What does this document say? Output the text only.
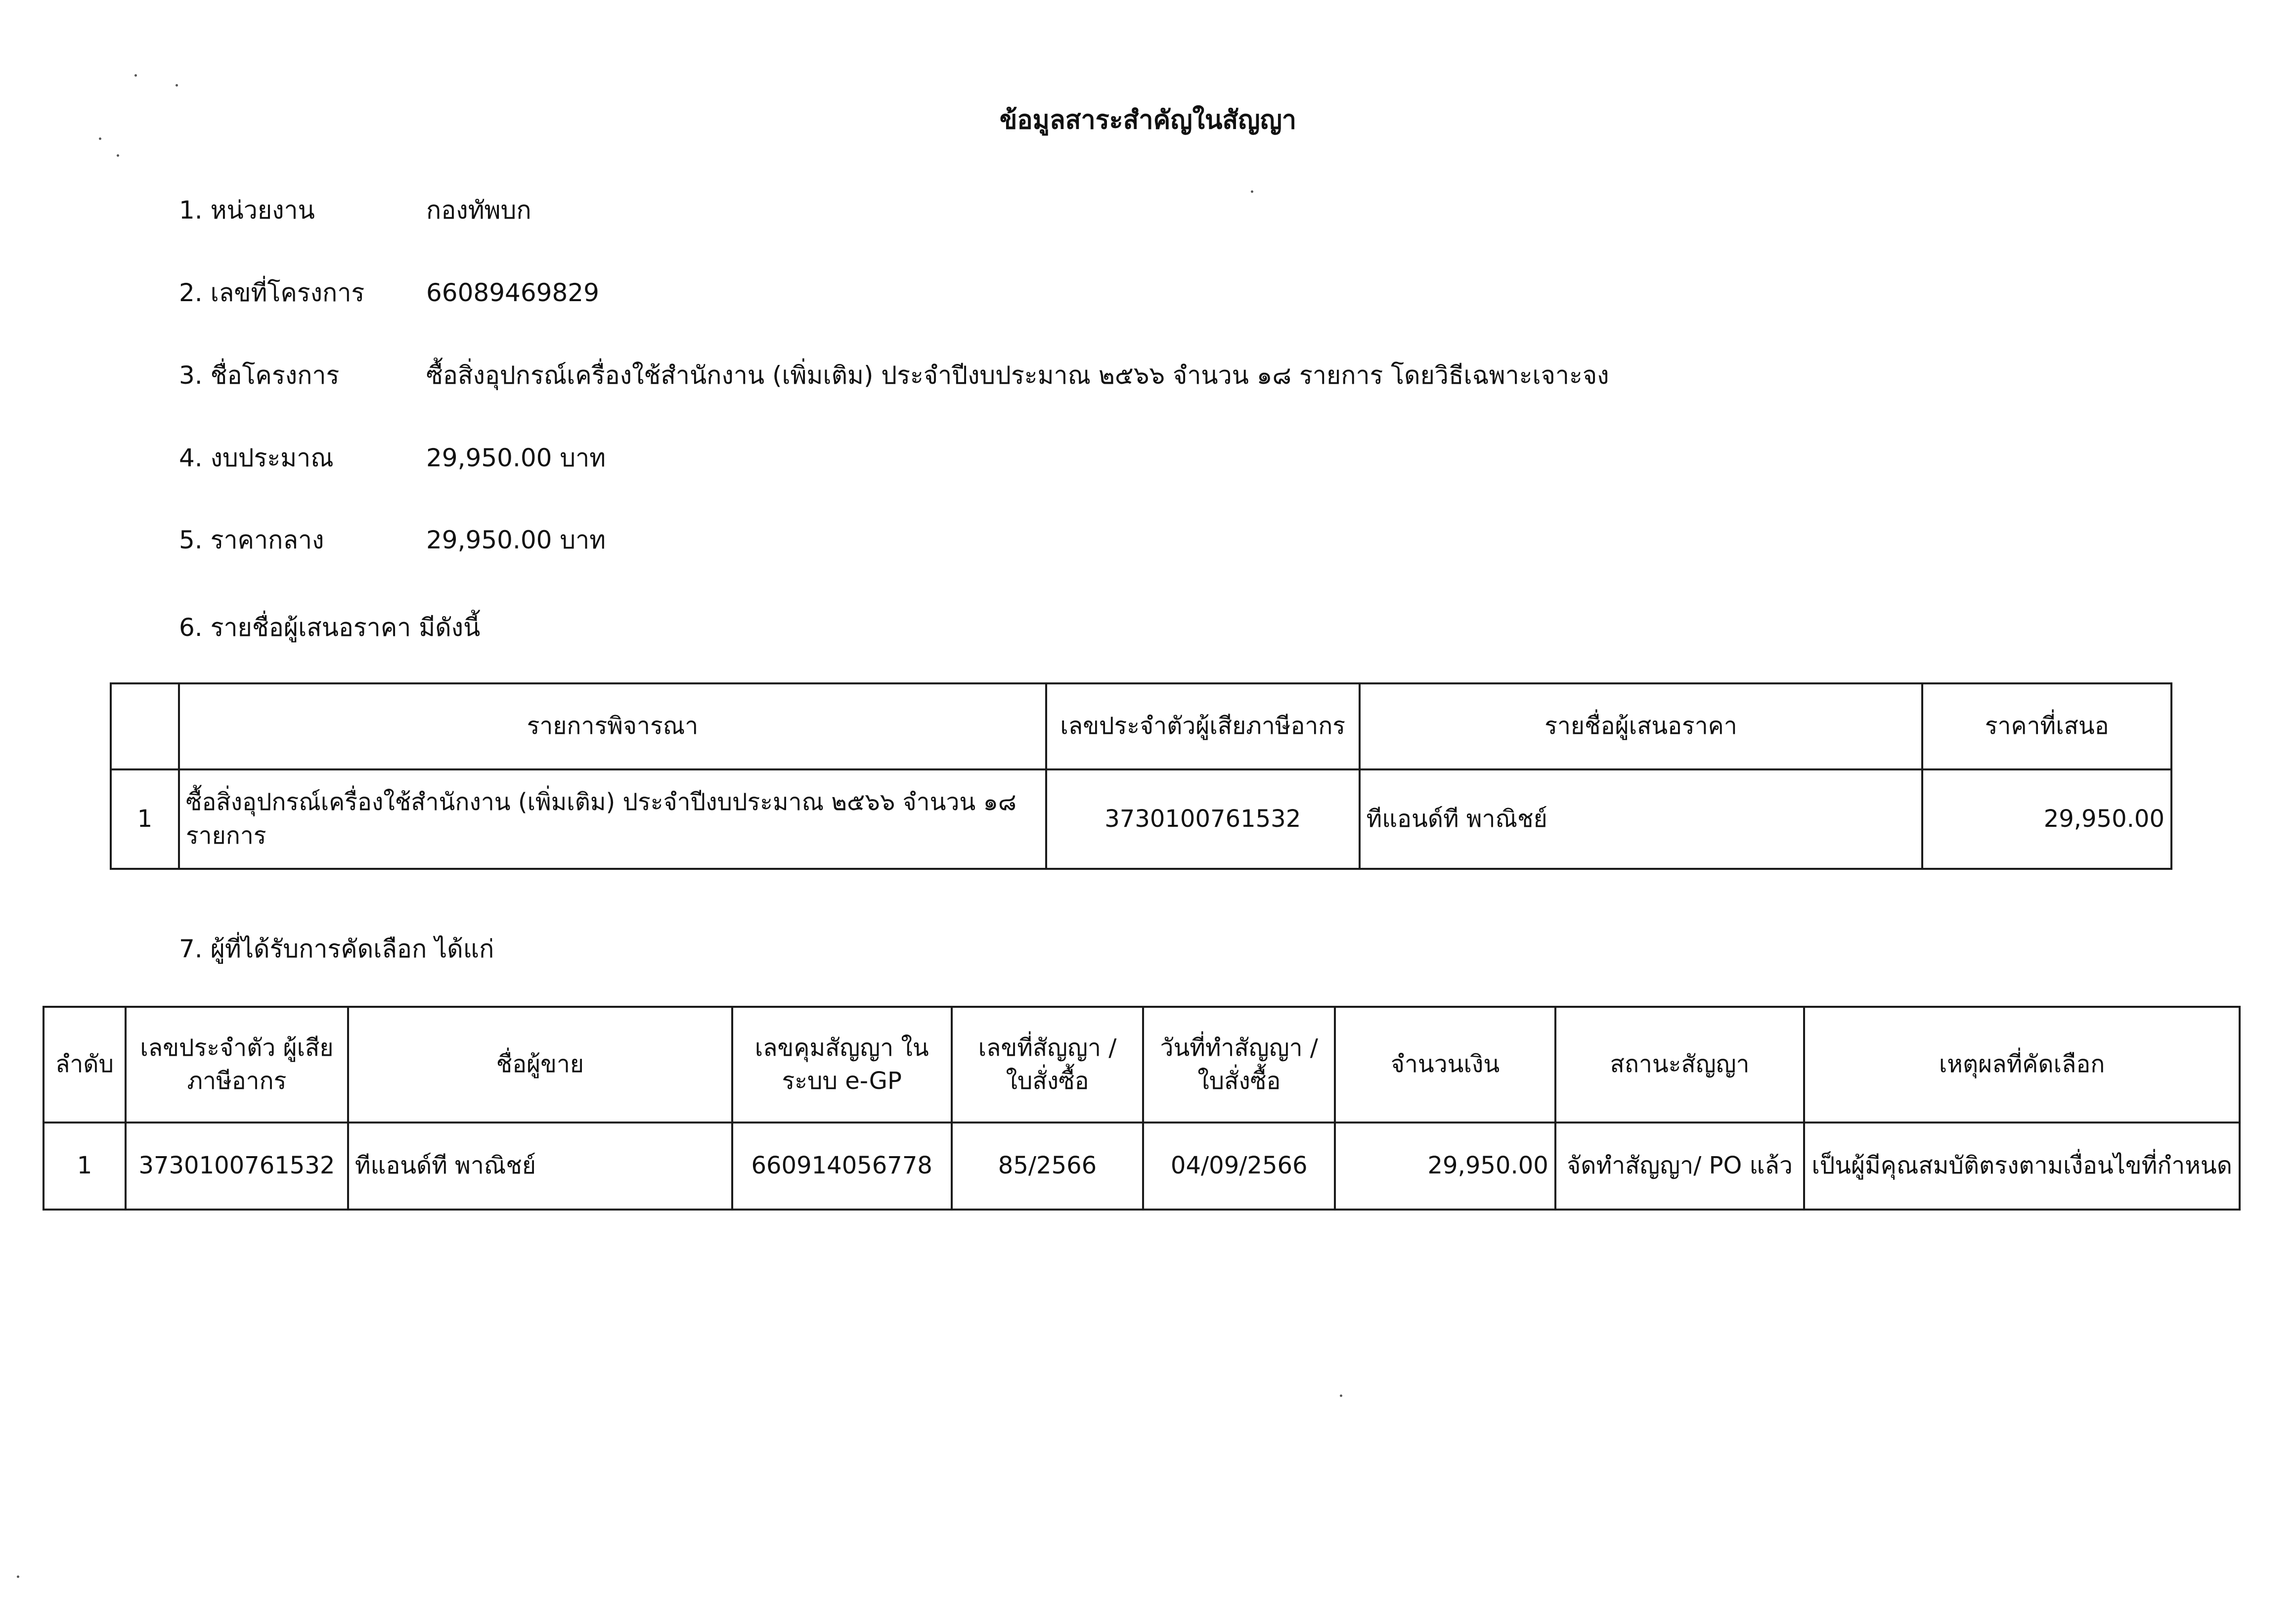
ข้อมูลสาระสำคัญในสัญญา
1. หน่วยงาน	กองทัพบก
2. เลขที่โครงการ	66089469829
3. ชื่อโครงการ	ซื้อสิ่งอุปกรณ์เครื่องใช้สำนักงาน (เพิ่มเติม) ประจำปีงบประมาณ ๒๕๖๖ จำนวน ๑๘ รายการ โดยวิธีเฉพาะเจาะจง
4. งบประมาณ	29,950.00 บาท
5. ราคากลาง	29,950.00 บาท
6. รายชื่อผู้เสนอราคา มีดังนี้
	รายการพิจารณา	เลขประจำตัวผู้เสียภาษีอากร	รายชื่อผู้เสนอราคา	ราคาที่เสนอ
1	ซื้อสิ่งอุปกรณ์เครื่องใช้สำนักงาน (เพิ่มเติม) ประจำปีงบประมาณ ๒๕๖๖ จำนวน ๑๘ รายการ	3730100761532	ทีแอนด์ที พาณิชย์	29,950.00
7. ผู้ที่ได้รับการคัดเลือก ได้แก่
ลำดับ	เลขประจำตัว ผู้เสียภาษีอากร	ชื่อผู้ขาย	เลขคุมสัญญา ในระบบ e-GP	เลขที่สัญญา / ใบสั่งซื้อ	วันที่ทำสัญญา / ใบสั่งซื้อ	จำนวนเงิน	สถานะสัญญา	เหตุผลที่คัดเลือก
1	3730100761532	ทีแอนด์ที พาณิชย์	660914056778	85/2566	04/09/2566	29,950.00	จัดทำสัญญา/ PO แล้ว	เป็นผู้มีคุณสมบัติตรงตามเงื่อนไขที่กำหนด
